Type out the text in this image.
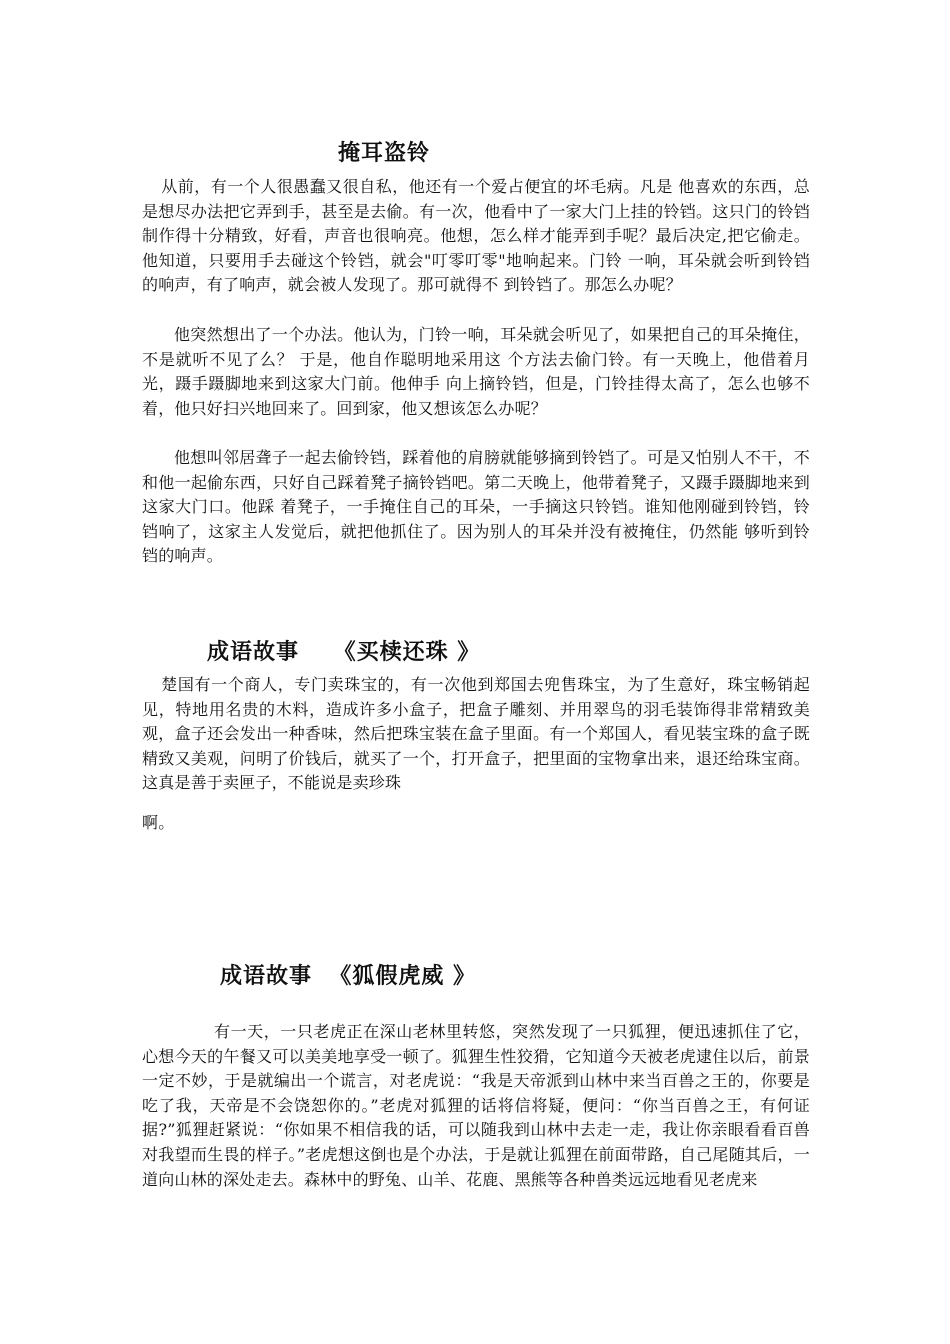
掩耳盗铃
从前，有一个人很愚蠢又很自私，他还有一个爱占便宜的坏毛病。凡是 他喜欢的东西，总是想尽办法把它弄到手，甚至是去偷。有一次，他看中了一家大门上挂的铃铛。这只门的铃铛制作得十分精致，好看，声音也很响亮。他想，怎么样才能弄到手呢？最后决定,把它偷走。 他知道，只要用手去碰这个铃铛，就会"叮零叮零"地响起来。门铃 一响，耳朵就会听到铃铛的响声，有了响声，就会被人发现了。那可就得不 到铃铛了。那怎么办呢？
他突然想出了一个办法。他认为，门铃一响，耳朵就会听见了，如果把自己的耳朵掩住，不是就听不见了么？ 于是，他自作聪明地采用这 个方法去偷门铃。有一天晚上，他借着月光，蹑手蹑脚地来到这家大门前。他伸手 向上摘铃铛，但是，门铃挂得太高了，怎么也够不着，他只好扫兴地回来了。回到家，他又想该怎么办呢？
他想叫邻居聋子一起去偷铃铛，踩着他的肩膀就能够摘到铃铛了。可是又怕别人不干，不和他一起偷东西，只好自己踩着凳子摘铃铛吧。第二天晚上，他带着凳子，又蹑手蹑脚地来到这家大门口。他踩 着凳子，一手掩住自己的耳朵，一手摘这只铃铛。谁知他刚碰到铃铛，铃铛响了，这家主人发觉后，就把他抓住了。因为别人的耳朵并没有被掩住，仍然能 够听到铃铛的响声。
成语故事    《买椟还珠 》
楚国有一个商人，专门卖珠宝的，有一次他到郑国去兜售珠宝，为了生意好，珠宝畅销起见，特地用名贵的木料，造成许多小盒子，把盒子雕刻、并用翠鸟的羽毛装饰得非常精致美观，盒子还会发出一种香味，然后把珠宝装在盒子里面。有一个郑国人，看见装宝珠的盒子既精致又美观，问明了价钱后，就买了一个，打开盒子，把里面的宝物拿出来，退还给珠宝商。这真是善于卖匣子，不能说是卖珍珠
啊。
成语故事  《狐假虎威 》
有一天，一只老虎正在深山老林里转悠，突然发现了一只狐狸，便迅速抓住了它，心想今天的午餐又可以美美地享受一顿了。狐狸生性狡猾，它知道今天被老虎逮住以后，前景一定不妙，于是就编出一个谎言，对老虎说：“我是天帝派到山林中来当百兽之王的，你要是吃了我，天帝是不会饶恕你的。”老虎对狐狸的话将信将疑，便问：“你当百兽之王，有何证据?”狐狸赶紧说：“你如果不相信我的话，可以随我到山林中去走一走，我让你亲眼看看百兽对我望而生畏的样子。”老虎想这倒也是个办法，于是就让狐狸在前面带路，自己尾随其后，一道向山林的深处走去。森林中的野兔、山羊、花鹿、黑熊等各种兽类远远地看见老虎来
